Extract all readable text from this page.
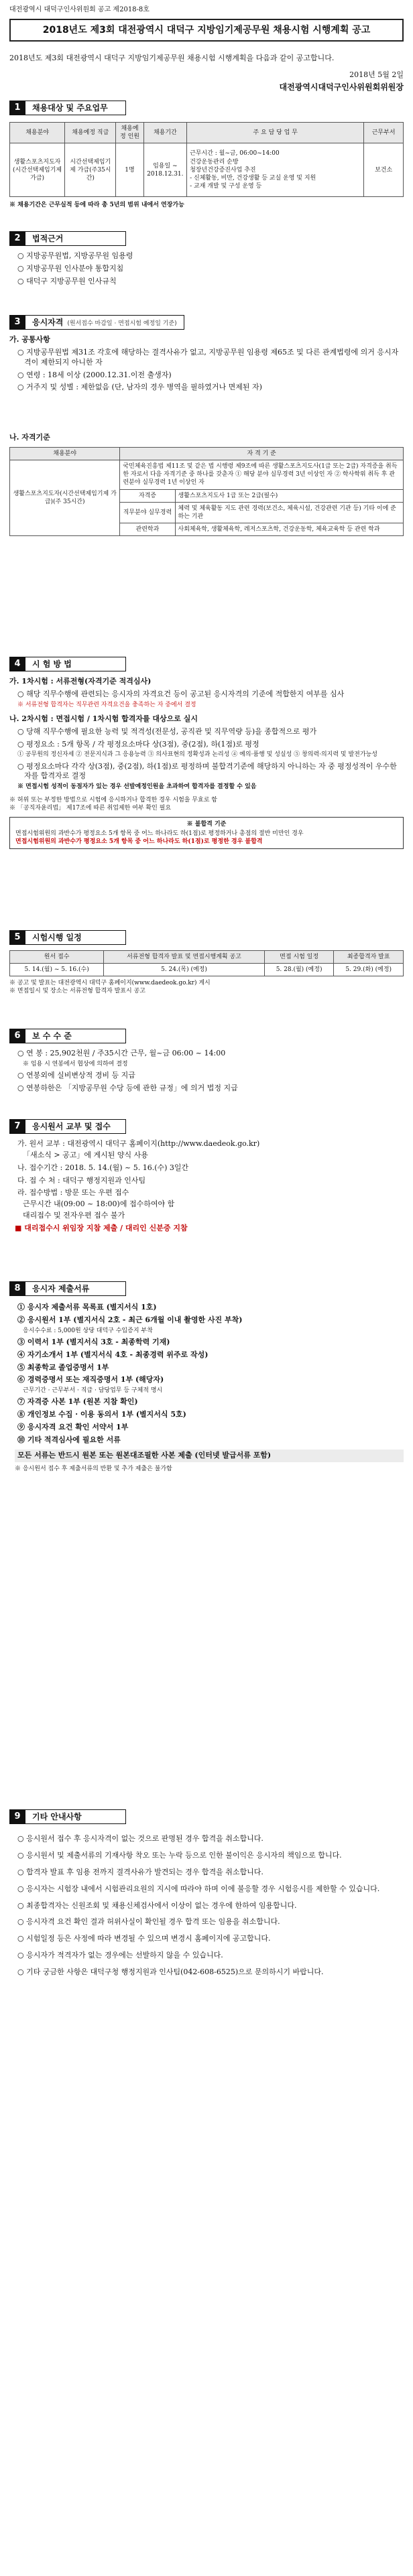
대전광역시 대덕구인사위원회 공고 제2018-8호
2018년도 제3회 대전광역시 대덕구 지방임기제공무원 채용시험 시행계획 공고

2018년도 제3회 대전광역시 대덕구 지방임기제공무원 채용시험 시행계획을 다음과 같이 공고합니다.

2018년 5월 2일
대전광역시대덕구인사위원회위원장
1	채용대상 및 주요업무
채용분야	채용예정 직급	채용예정 인원	채용기간	주 요 담 당 업 무	근무부서
생활스포츠지도자(시간선택제임기제 가급)	시간선택제임기제 가급(주35시간)	1명	임용일 ~ 2018.12.31.	근무시간 : 월~금, 06:00~14:00
건강운동관리 순방
청장년건강증진사업 추진
- 신체활동, 비만, 건강생활 등 교실 운영 및 지원
- 교재 개발 및 구성 운영 등	보건소
※ 채용기간은 근무실적 등에 따라 총 5년의 범위 내에서 연장가능
2	법적근거
○ 지방공무원법, 지방공무원 임용령
○ 지방공무원 인사분야 통합지침
○ 대덕구 지방공무원 인사규칙
3	응시자격 (원서접수 마감일 · 면접시험 예정일 기준)
가. 공통사항
○ 지방공무원법 제31조 각호에 해당하는 결격사유가 없고, 지방공무원 임용령 제65조 및 다른 관계법령에 의거 응시자격이 제한되지 아니한 자
○ 연령 : 18세 이상 (2000.12.31.이전 출생자)
○ 거주지 및 성별 : 제한없음 (단, 남자의 경우 병역을 필하였거나 면제된 자)
나. 자격기준
채용분야	자 격 기 준	
생활스포츠지도자(시간선택제임기제 가급)(주 35시간)	국민체육진흥법 제11조 및 같은 법 시행령 제9조에 따른 생활스포츠지도사(1급 또는 2급) 자격증을 취득한 자로서 다음 자격기준 중 하나를 갖춘자 ① 해당 분야 실무경력 3년 이상인 자 ② 학사학위 취득 후 관련분야 실무경력 1년 이상인 자	
	자격증	생활스포츠지도사 1급 또는 2급(필수)
	직무분야 실무경력	체력 및 체육활동 지도 관련 경력(보건소, 체육시설, 건강관련 기관 등) 기타 이에 준하는 기관
	관련학과	사회체육학, 생활체육학, 레저스포츠학, 건강운동학, 체육교육학 등 관련 학과
4	시 험 방 법
가. 1차시험 : 서류전형(자격기준 적격심사)
○ 해당 직무수행에 관련되는 응시자의 자격요건 등이 공고된 응시자격의 기준에 적합한지 여부를 심사
※ 서류전형 합격자는 직무관련 자격요건을 충족하는 자 중에서 결정
나. 2차시험 : 면접시험 / 1차시험 합격자를 대상으로 실시
○ 당해 직무수행에 필요한 능력 및 적격성(전문성, 공직관 및 직무역량 등)을 종합적으로 평가
○ 평정요소 : 5개 항목 / 각 평정요소마다 상(3점), 중(2점), 하(1점)로 평정
① 공무원의 정신자세 ② 전문지식과 그 응용능력 ③ 의사표현의 정확성과 논리성 ④ 예의·품행 및 성실성 ⑤ 창의력·의지력 및 발전가능성
○ 평정요소마다 각각 상(3점), 중(2점), 하(1점)로 평정하며 불합격기준에 해당하지 아니하는 자 중 평정성적이 우수한 자를 합격자로 결정
※ 면접시험 성적이 동점자가 있는 경우 선발예정인원을 초과하여 합격자를 결정할 수 있음
※ 허위 또는 부정한 방법으로 시험에 응시하거나 합격한 경우 시험을 무효로 함
※ 「공직자윤리법」 제17조에 따른 취업제한 여부 확인 필요
※ 불합격 기준
면접시험위원의 과반수가 평정요소 5개 항목 중 어느 하나라도 하(1점)로 평정하거나 총점의 절반 미만인 경우
면접시험위원의 과반수가 평정요소 5개 항목 중 어느 하나라도 하(1점)로 평정한 경우 불합격
5	시험시행 일정
원서 접수	서류전형 합격자 발표 및 면접시행계획 공고	면접 시험 일정	최종합격자 발표
5. 14.(월) ~ 5. 16.(수)	5. 24.(목) (예정)	5. 28.(월) (예정)	5. 29.(화) (예정)
※ 공고 및 발표는 대전광역시 대덕구 홈페이지(www.daedeok.go.kr) 게시
※ 면접일시 및 장소는 서류전형 합격자 발표시 공고
6	보 수 수 준
○ 연 봉 : 25,902천원 / 주35시간 근무, 월~금 06:00 ~ 14:00
※ 임용 시 연봉에서 협상에 의하여 결정
○ 연봉외에 실비변상적 경비 등 지급
○ 연봉하한은 「지방공무원 수당 등에 관한 규정」에 의거 법정 지급
7	응시원서 교부 및 접수
가. 원서 교부 : 대전광역시 대덕구 홈페이지(http://www.daedeok.go.kr)
「새소식 > 공고」에 게시된 양식 사용
나. 접수기간 : 2018. 5. 14.(월) ~ 5. 16.(수) 3일간
다. 접 수 처 : 대덕구 행정지원과 인사팀
라. 접수방법 : 방문 또는 우편 접수
근무시간 내(09:00 ~ 18:00)에 접수하여야 함
대리접수 및 전자우편 접수 불가
■ 대리접수시 위임장 지참 제출 / 대리인 신분증 지참
8	응시자 제출서류
① 응시자 제출서류 목록표 (별지서식 1호)
② 응시원서 1부 (별지서식 2호 - 최근 6개월 이내 촬영한 사진 부착)
응시수수료 : 5,000원 상당 대덕구 수입증지 부착
③ 이력서 1부 (별지서식 3호 - 최종학력 기재)
④ 자기소개서 1부 (별지서식 4호 - 최종경력 위주로 작성)
⑤ 최종학교 졸업증명서 1부
⑥ 경력증명서 또는 재직증명서 1부 (해당자)
근무기간 · 근무부서 · 직급 · 담당업무 등 구체적 명시
⑦ 자격증 사본 1부 (원본 지참 확인)
⑧ 개인정보 수집 · 이용 동의서 1부 (별지서식 5호)
⑨ 응시자격 요건 확인 서약서 1부
⑩ 기타 적격심사에 필요한 서류
모든 서류는 반드시 원본 또는 원본대조필한 사본 제출 (인터넷 발급서류 포함)
※ 응시원서 접수 후 제출서류의 반환 및 추가 제출은 불가함
9	기타 안내사항
○ 응시원서 접수 후 응시자격이 없는 것으로 판명된 경우 합격을 취소합니다.
○ 응시원서 및 제출서류의 기재사항 착오 또는 누락 등으로 인한 불이익은 응시자의 책임으로 합니다.
○ 합격자 발표 후 임용 전까지 결격사유가 발견되는 경우 합격을 취소합니다.
○ 응시자는 시험장 내에서 시험관리요원의 지시에 따라야 하며 이에 불응할 경우 시험응시를 제한할 수 있습니다.
○ 최종합격자는 신원조회 및 채용신체검사에서 이상이 없는 경우에 한하여 임용합니다.
○ 응시자격 요건 확인 결과 허위사실이 확인될 경우 합격 또는 임용을 취소합니다.
○ 시험일정 등은 사정에 따라 변경될 수 있으며 변경시 홈페이지에 공고합니다.
○ 응시자가 적격자가 없는 경우에는 선발하지 않을 수 있습니다.
○ 기타 궁금한 사항은 대덕구청 행정지원과 인사팀(042-608-6525)으로 문의하시기 바랍니다.
